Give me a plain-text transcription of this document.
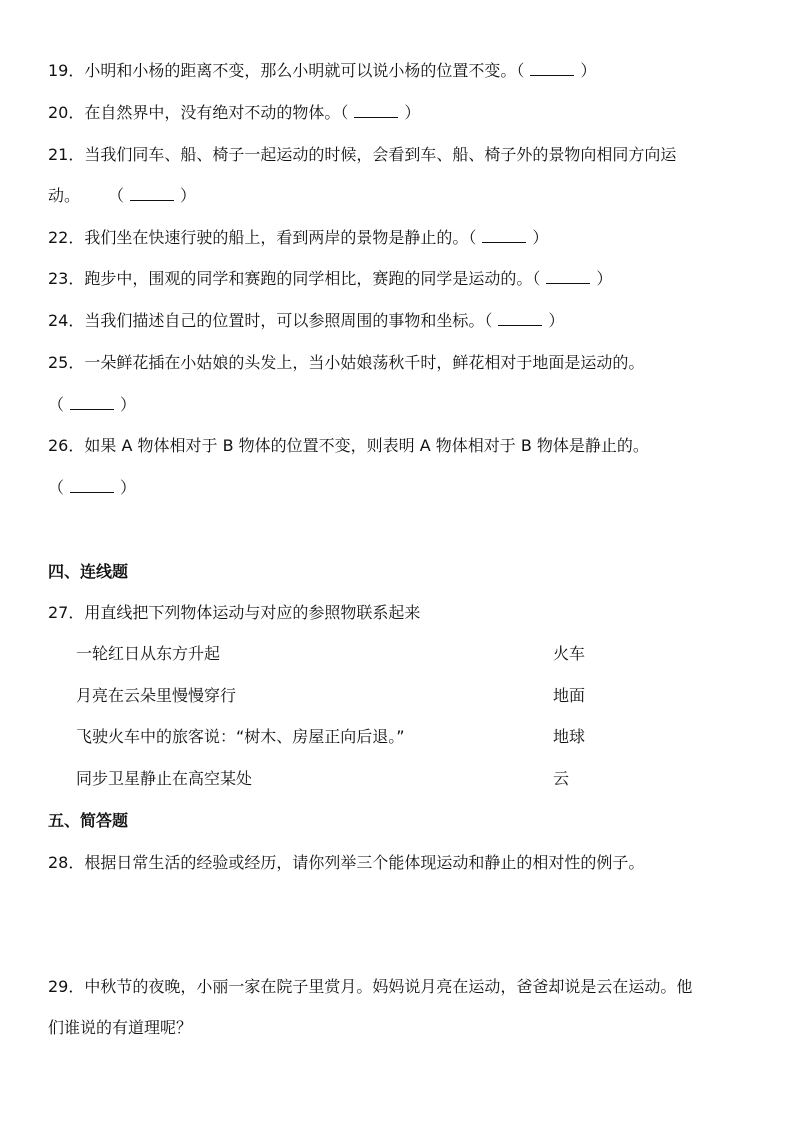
19．小明和小杨的距离不变，那么小明就可以说小杨的位置不变。（	）
20．在自然界中，没有绝对不动的物体。（	）
21．当我们同车、船、椅子一起运动的时候，会看到车、船、椅子外的景物向相同方向运
动。 （	）
22．我们坐在快速行驶的船上，看到两岸的景物是静止的。（	）
23．跑步中，围观的同学和赛跑的同学相比，赛跑的同学是运动的。（	）
24．当我们描述自己的位置时，可以参照周围的事物和坐标。（	）
25．一朵鲜花插在小姑娘的头发上，当小姑娘荡秋千时，鲜花相对于地面是运动的。
（	）
26．如果 A 物体相对于 B 物体的位置不变，则表明 A 物体相对于 B 物体是静止的。
（	）
四、连线题
27．用直线把下列物体运动与对应的参照物联系起来
一轮红日从东方升起	火车
月亮在云朵里慢慢穿行	地面
飞驶火车中的旅客说：“树木、房屋正向后退。”	地球
同步卫星静止在高空某处	云
五、简答题
28．根据日常生活的经验或经历，请你列举三个能体现运动和静止的相对性的例子。
29．中秋节的夜晚，小丽一家在院子里赏月。妈妈说月亮在运动，爸爸却说是云在运动。他
们谁说的有道理呢？
